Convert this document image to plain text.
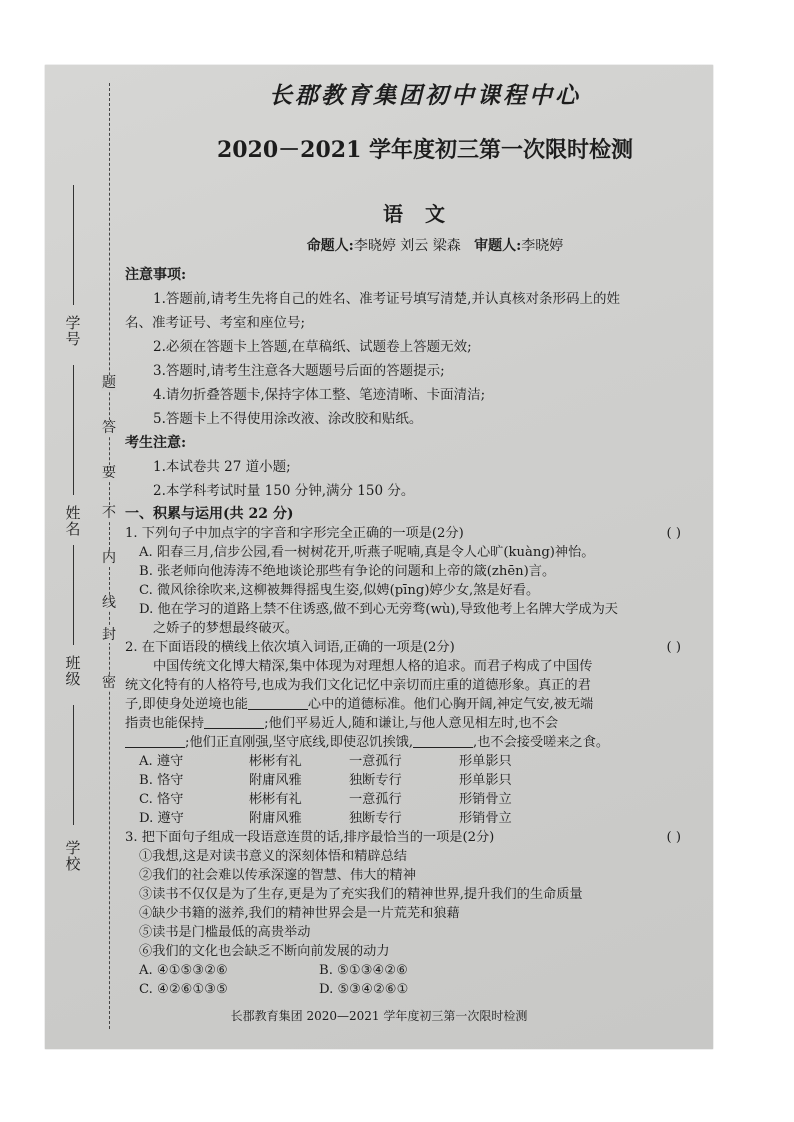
学号
姓名
班级
学校
密
封
线
内
不
要
答
题
长郡教育集团初中课程中心
2020－2021 学年度初三第一次限时检测
语文
命题人:李晓婷 刘云 梁森 审题人:李晓婷
注意事项:
1.答题前,请考生先将自己的姓名、准考证号填写清楚,并认真核对条形码上的姓
名、准考证号、考室和座位号;
2.必须在答题卡上答题,在草稿纸、试题卷上答题无效;
3.答题时,请考生注意各大题题号后面的答题提示;
4.请勿折叠答题卡,保持字体工整、笔迹清晰、卡面清洁;
5.答题卡上不得使用涂改液、涂改胶和贴纸。
考生注意:
1.本试卷共 27 道小题;
2.本学科考试时量 150 分钟,满分 150 分。
一、积累与运用(共 22 分)
1. 下列句子中加点字的字音和字形完全正确的一项是(2分)	( )
A. 阳春三月,信步公园,看一树树花开,听燕子呢喃,真是令人心旷(kuàng)神怡。
B. 张老师向他涛涛不绝地谈论那些有争论的问题和上帝的箴(zhēn)言。
C. 微风徐徐吹来,这柳被舞得摇曳生姿,似娉(pīng)婷少女,煞是好看。
D. 他在学习的道路上禁不住诱惑,做不到心无旁骛(wù),导致他考上名牌大学成为天
之娇子的梦想最终破灭。
2. 在下面语段的横线上依次填入词语,正确的一项是(2分)	( )
中国传统文化博大精深,集中体现为对理想人格的追求。而君子构成了中国传
统文化特有的人格符号,也成为我们文化记忆中亲切而庄重的道德形象。真正的君
子,即使身处逆境也能	心中的道德标准。他们心胸开阔,神定气安,被无端
指责也能保持	;他们平易近人,随和谦让,与他人意见相左时,也不会
;他们正直刚强,坚守底线,即使忍饥挨饿,	,也不会接受嗟来之食。
A. 遵守	彬彬有礼	一意孤行	形单影只
B. 恪守	附庸风雅	独断专行	形单影只
C. 恪守	彬彬有礼	一意孤行	形销骨立
D. 遵守	附庸风雅	独断专行	形销骨立
3. 把下面句子组成一段语意连贯的话,排序最恰当的一项是(2分)	( )
①我想,这是对读书意义的深刻体悟和精辟总结
②我们的社会难以传承深邃的智慧、伟大的精神
③读书不仅仅是为了生存,更是为了充实我们的精神世界,提升我们的生命质量
④缺少书籍的滋养,我们的精神世界会是一片荒芜和狼藉
⑤读书是门槛最低的高贵举动
⑥我们的文化也会缺乏不断向前发展的动力
A. ④①⑤③②⑥	B. ⑤①③④②⑥
C. ④②⑥①③⑤	D. ⑤③④②⑥①
长郡教育集团 2020—2021 学年度初三第一次限时检测
